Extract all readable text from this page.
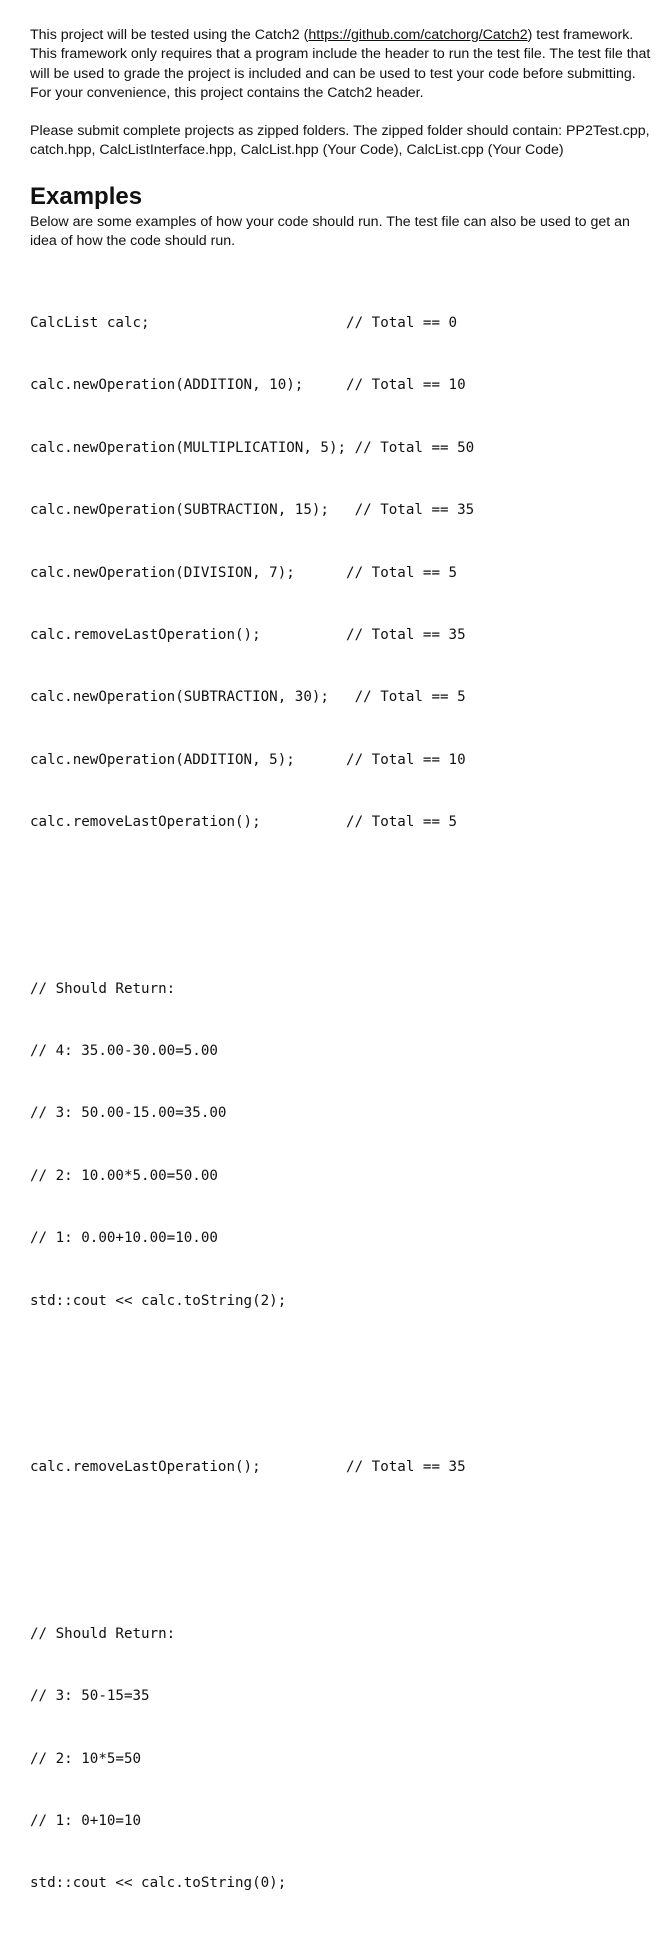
This project will be tested using the Catch2 (https://github.com/catchorg/Catch2) test framework. This framework only requires that a program include the header to run the test file. The test file that will be used to grade the project is included and can be used to test your code before submitting. For your convenience, this project contains the Catch2 header.

Please submit complete projects as zipped folders. The zipped folder should contain: PP2Test.cpp, catch.hpp, CalcListInterface.hpp, CalcList.hpp (Your Code), CalcList.cpp (Your Code)

Examples

Below are some examples of how your code should run. The test file can also be used to get an idea of how the code should run.

CalcList calc;                       // Total == 0

calc.newOperation(ADDITION, 10);     // Total == 10

calc.newOperation(MULTIPLICATION, 5); // Total == 50

calc.newOperation(SUBTRACTION, 15);   // Total == 35

calc.newOperation(DIVISION, 7);      // Total == 5

calc.removeLastOperation();          // Total == 35

calc.newOperation(SUBTRACTION, 30);   // Total == 5

calc.newOperation(ADDITION, 5);      // Total == 10

calc.removeLastOperation();          // Total == 5

// Should Return:

// 4: 35.00-30.00=5.00

// 3: 50.00-15.00=35.00

// 2: 10.00*5.00=50.00

// 1: 0.00+10.00=10.00

std::cout << calc.toString(2);

calc.removeLastOperation();          // Total == 35

// Should Return:

// 3: 50-15=35

// 2: 10*5=50

// 1: 0+10=10

std::cout << calc.toString(0);
